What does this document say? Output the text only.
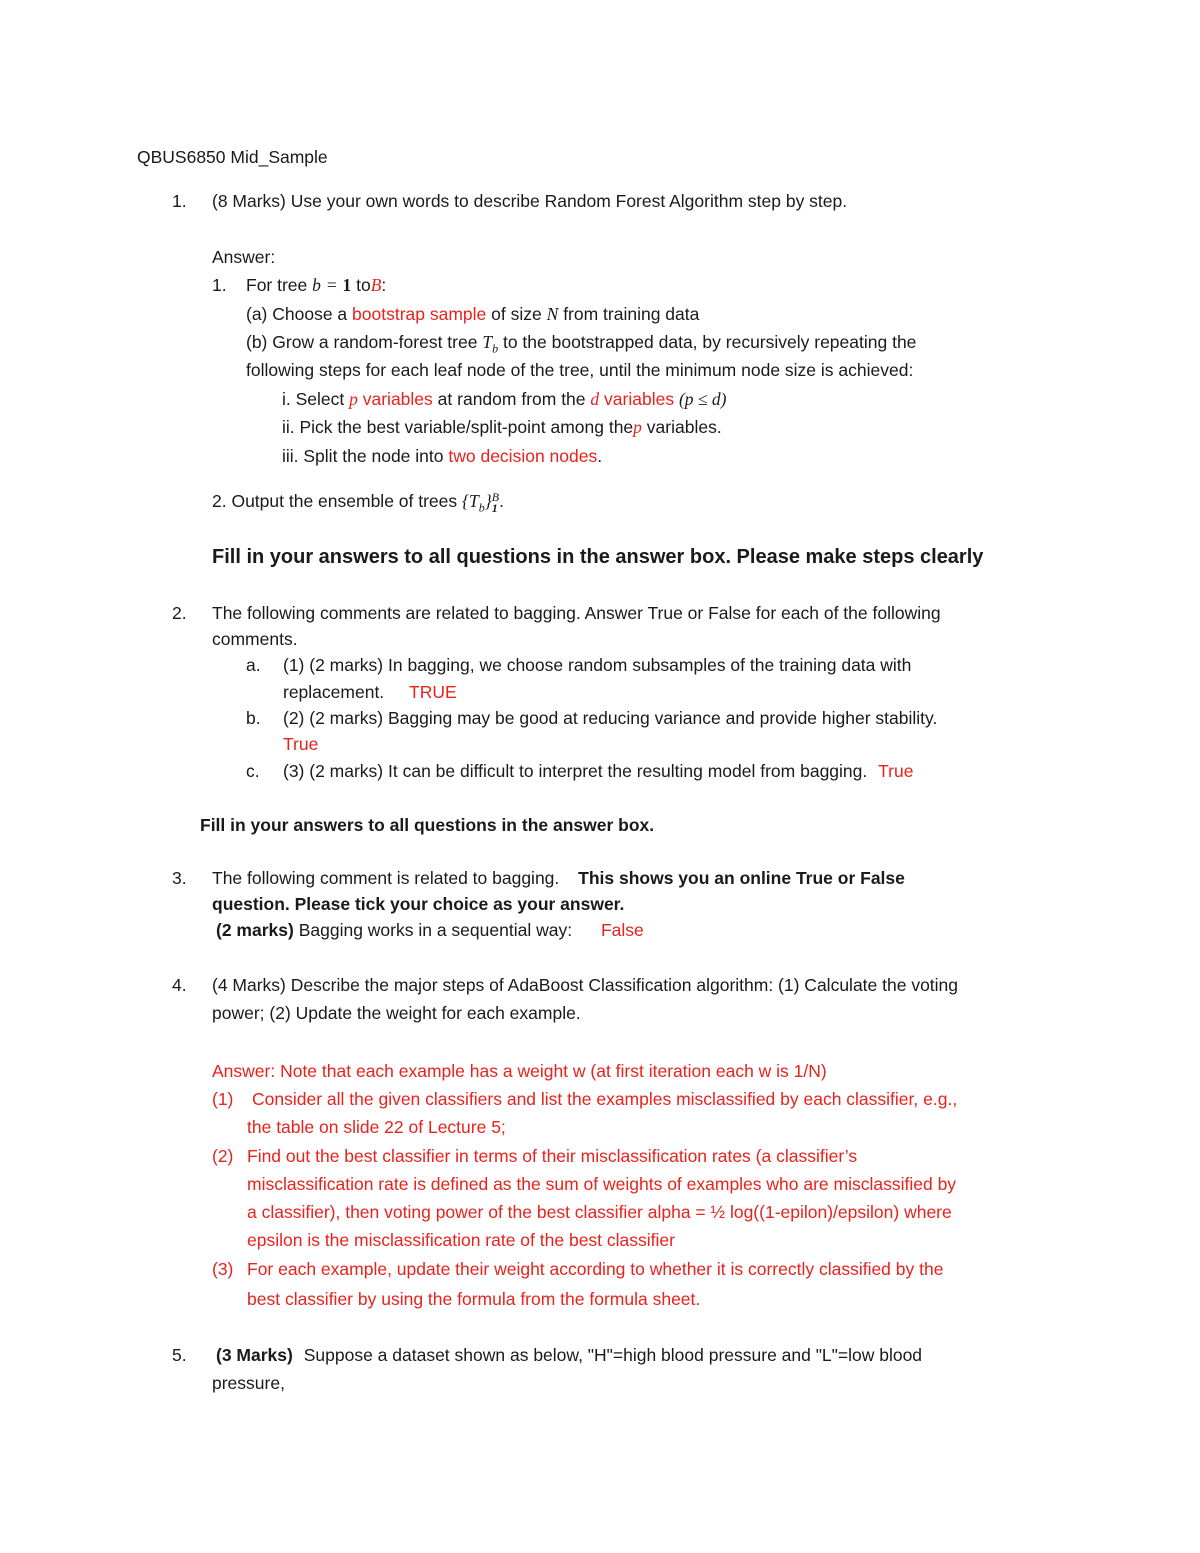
QBUS6850 Mid_Sample
1. (8 Marks) Use your own words to describe Random Forest Algorithm step by step.
Answer:
1. For tree b = 1 toB:
(a) Choose a bootstrap sample of size N from training data
(b) Grow a random-forest tree $T_b$ to the bootstrapped data, by recursively repeating the
following steps for each leaf node of the tree, until the minimum node size is achieved:
i. Select p variables at random from the d variables (p ≤ d)
ii. Pick the best variable/split-point among thep variables.
iii. Split the node into two decision nodes.
2. Output the ensemble of trees $\{T_b\}$ B
1 .
Fill in your answers to all questions in the answer box. Please make steps clearly
2. The following comments are related to bagging. Answer True or False for each of the following
comments.
a. (1) (2 marks) In bagging, we choose random subsamples of the training data with
replacement. TRUE
b. (2) (2 marks) Bagging may be good at reducing variance and provide higher stability.
True
c. (3) (2 marks) It can be difficult to interpret the resulting model from bagging. True
Fill in your answers to all questions in the answer box.
3. The following comment is related to bagging. This shows you an online True or False
question. Please tick your choice as your answer.
(2 marks) Bagging works in a sequential way: False
4. (4 Marks) Describe the major steps of AdaBoost Classification algorithm: (1) Calculate the voting
power; (2) Update the weight for each example.
Answer: Note that each example has a weight w (at first iteration each w is 1/N)
(1) Consider all the given classifiers and list the examples misclassified by each classifier, e.g.,
the table on slide 22 of Lecture 5;
(2) Find out the best classifier in terms of their misclassification rates (a classifier’s
misclassification rate is defined as the sum of weights of examples who are misclassified by
a classifier), then voting power of the best classifier alpha = ½ log((1-epilon)/epsilon) where
epsilon is the misclassification rate of the best classifier
(3) For each example, update their weight according to whether it is correctly classified by the
best classifier by using the formula from the formula sheet.
5. (3 Marks) Suppose a dataset shown as below, "H"=high blood pressure and "L"=low blood
pressure,
